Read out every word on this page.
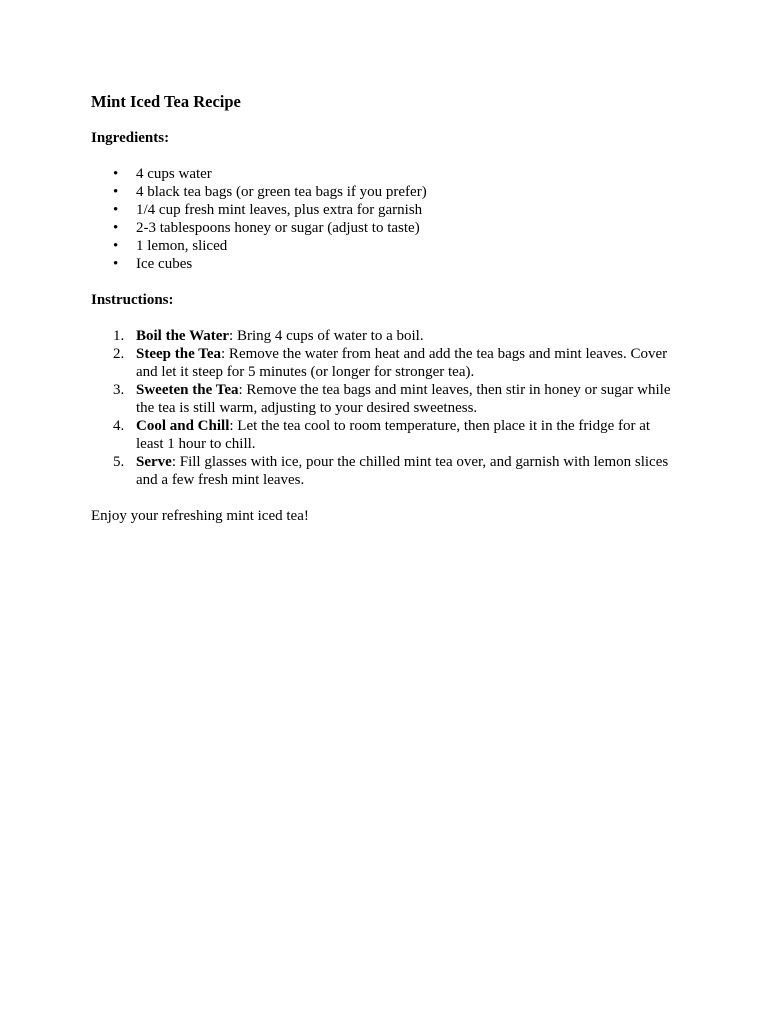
Mint Iced Tea Recipe
Ingredients:
• 4 cups water
• 4 black tea bags (or green tea bags if you prefer)
• 1/4 cup fresh mint leaves, plus extra for garnish
• 2-3 tablespoons honey or sugar (adjust to taste)
• 1 lemon, sliced
• Ice cubes
Instructions:
1. Boil the Water: Bring 4 cups of water to a boil.
2. Steep the Tea: Remove the water from heat and add the tea bags and mint leaves. Cover and let it steep for 5 minutes (or longer for stronger tea).
3. Sweeten the Tea: Remove the tea bags and mint leaves, then stir in honey or sugar while the tea is still warm, adjusting to your desired sweetness.
4. Cool and Chill: Let the tea cool to room temperature, then place it in the fridge for at least 1 hour to chill.
5. Serve: Fill glasses with ice, pour the chilled mint tea over, and garnish with lemon slices and a few fresh mint leaves.

Enjoy your refreshing mint iced tea!
